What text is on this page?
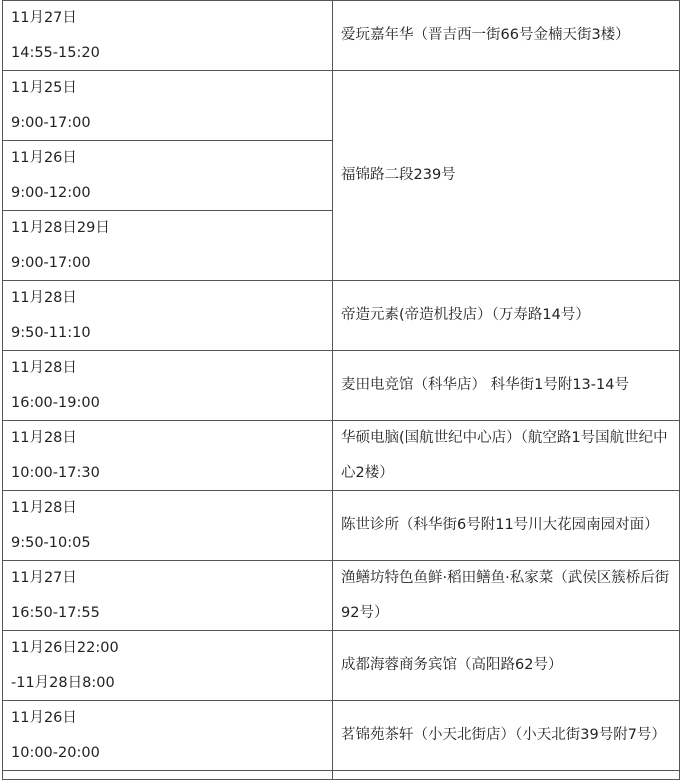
11月27日
14:55-15:20	爱玩嘉年华（晋吉西一街66号金楠天街3楼）

11月25日
9:00-17:00	福锦路二段239号

11月26日
9:00-12:00	

11月28日29日
9:00-17:00	

11月28日
9:50-11:10	帝造元素(帝造机投店）（万寿路14号）

11月28日
16:00-19:00	麦田电竞馆（科华店） 科华街1号附13-14号

11月28日
10:00-17:30	华硕电脑(国航世纪中心店）（航空路1号国航世纪中心2楼）

11月28日
9:50-10:05	陈世诊所（科华街6号附11号川大花园南园对面）

11月27日
16:50-17:55	渔鳝坊特色鱼鲜·稻田鳝鱼·私家菜（武侯区簇桥后街92号）

11月26日22:00
-11月28日8:00	成都海蓉商务宾馆（高阳路62号）

11月26日
10:00-20:00	茗锦苑茶轩（小天北街店）（小天北街39号附7号）
